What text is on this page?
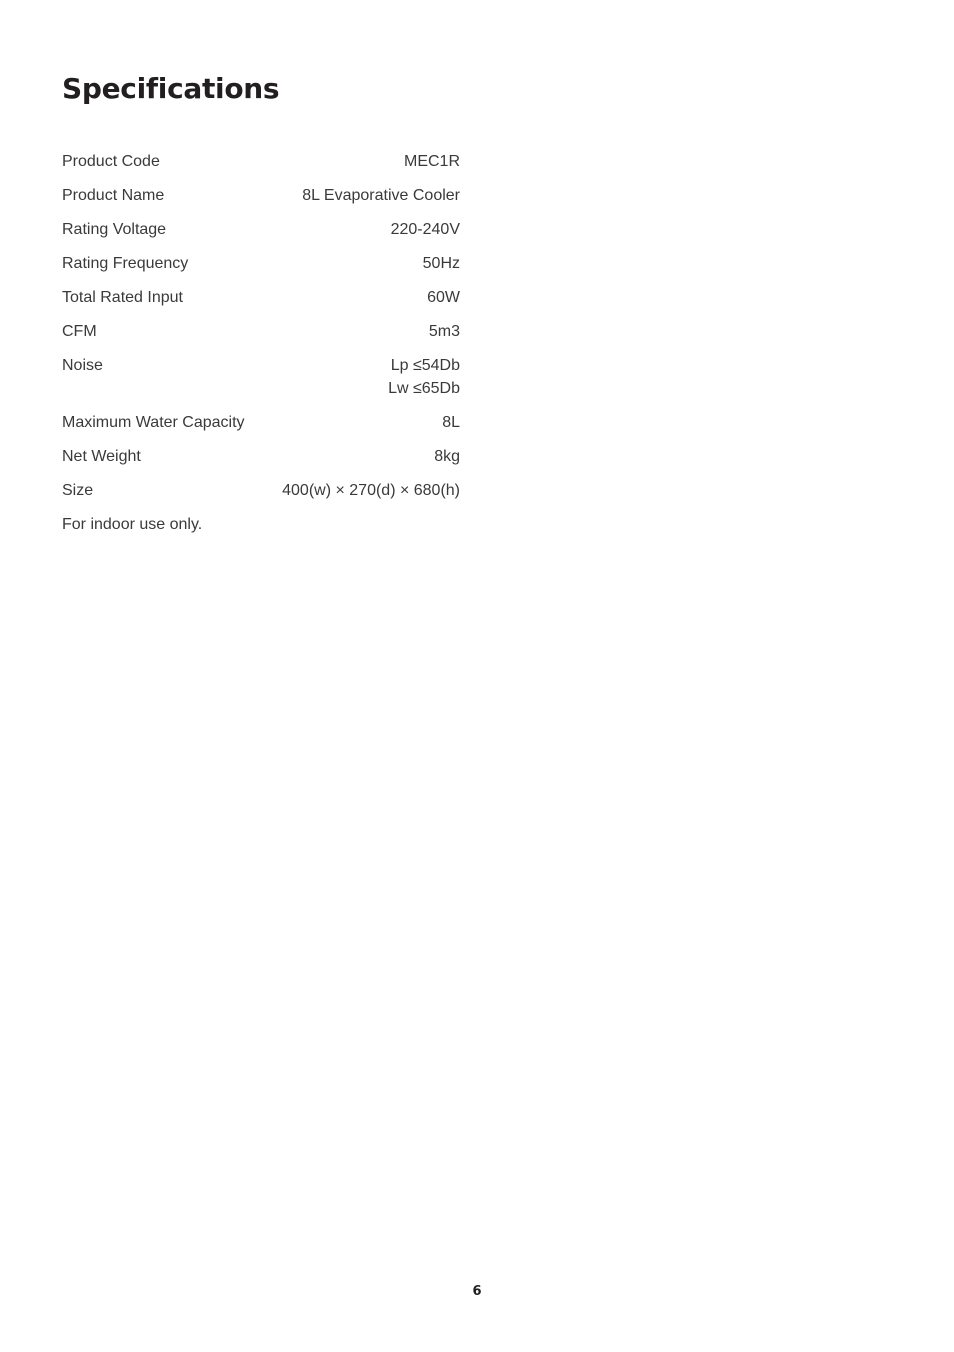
Specifications
Product Code	MEC1R
Product Name	8L Evaporative Cooler
Rating Voltage	220-240V
Rating Frequency	50Hz
Total Rated Input	60W
CFM	5m3
Noise	Lp ≤54Db
Lw ≤65Db
Maximum Water Capacity	8L
Net Weight	8kg
Size	400(w) × 270(d) × 680(h)
For indoor use only.
6
